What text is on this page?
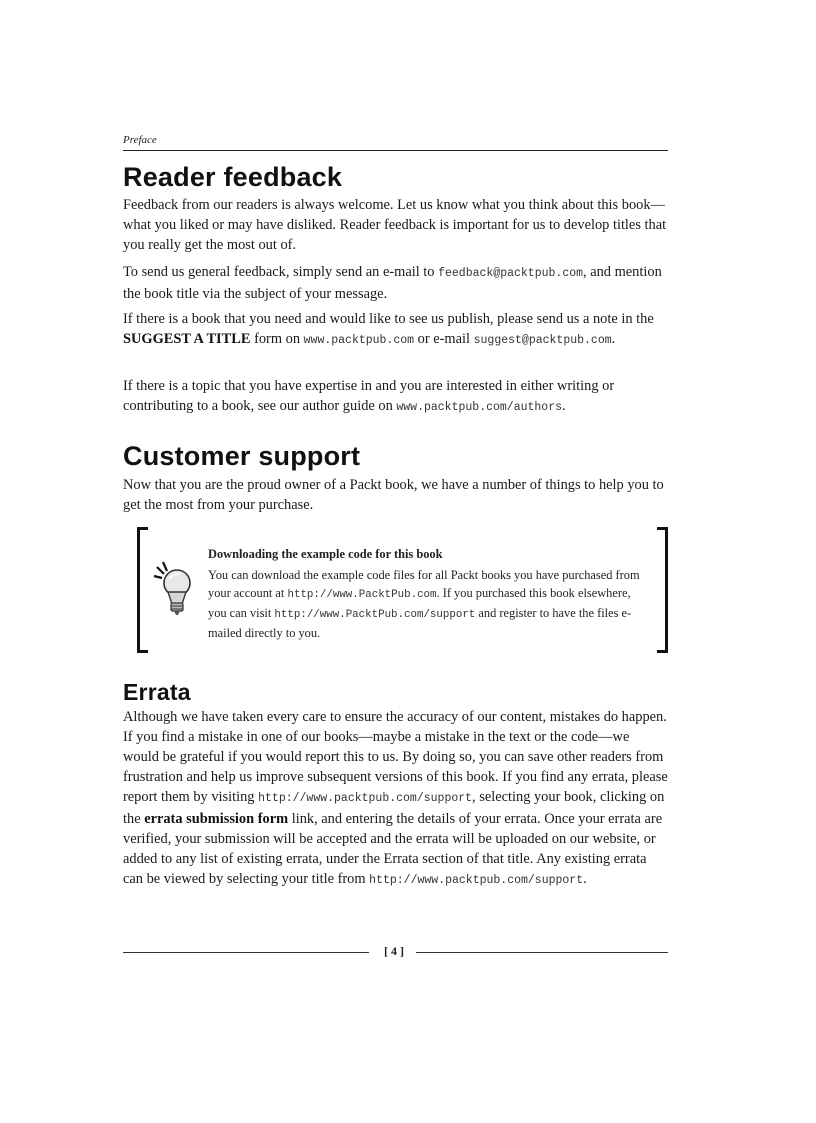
Preface
Reader feedback

Feedback from our readers is always welcome. Let us know what you think about this book—what you liked or may have disliked. Reader feedback is important for us to develop titles that you really get the most out of.

To send us general feedback, simply send an e-mail to feedback@packtpub.com, and mention the book title via the subject of your message.

If there is a book that you need and would like to see us publish, please send us a note in the SUGGEST A TITLE form on www.packtpub.com or e-mail suggest@packtpub.com.

If there is a topic that you have expertise in and you are interested in either writing or contributing to a book, see our author guide on www.packtpub.com/authors.

Customer support

Now that you are the proud owner of a Packt book, we have a number of things to help you to get the most from your purchase.

Downloading the example code for this book

You can download the example code files for all Packt books you have purchased from your account at http://www.PacktPub.com. If you purchased this book elsewhere, you can visit http://www.PacktPub.com/support and register to have the files e-mailed directly to you.

Errata

Although we have taken every care to ensure the accuracy of our content, mistakes do happen. If you find a mistake in one of our books—maybe a mistake in the text or the code—we would be grateful if you would report this to us. By doing so, you can save other readers from frustration and help us improve subsequent versions of this book. If you find any errata, please report them by visiting http://www.packtpub.com/support, selecting your book, clicking on the errata submission form link, and entering the details of your errata. Once your errata are verified, your submission will be accepted and the errata will be uploaded on our website, or added to any list of existing errata, under the Errata section of that title. Any existing errata can be viewed by selecting your title from http://www.packtpub.com/support.

[ 4 ]
